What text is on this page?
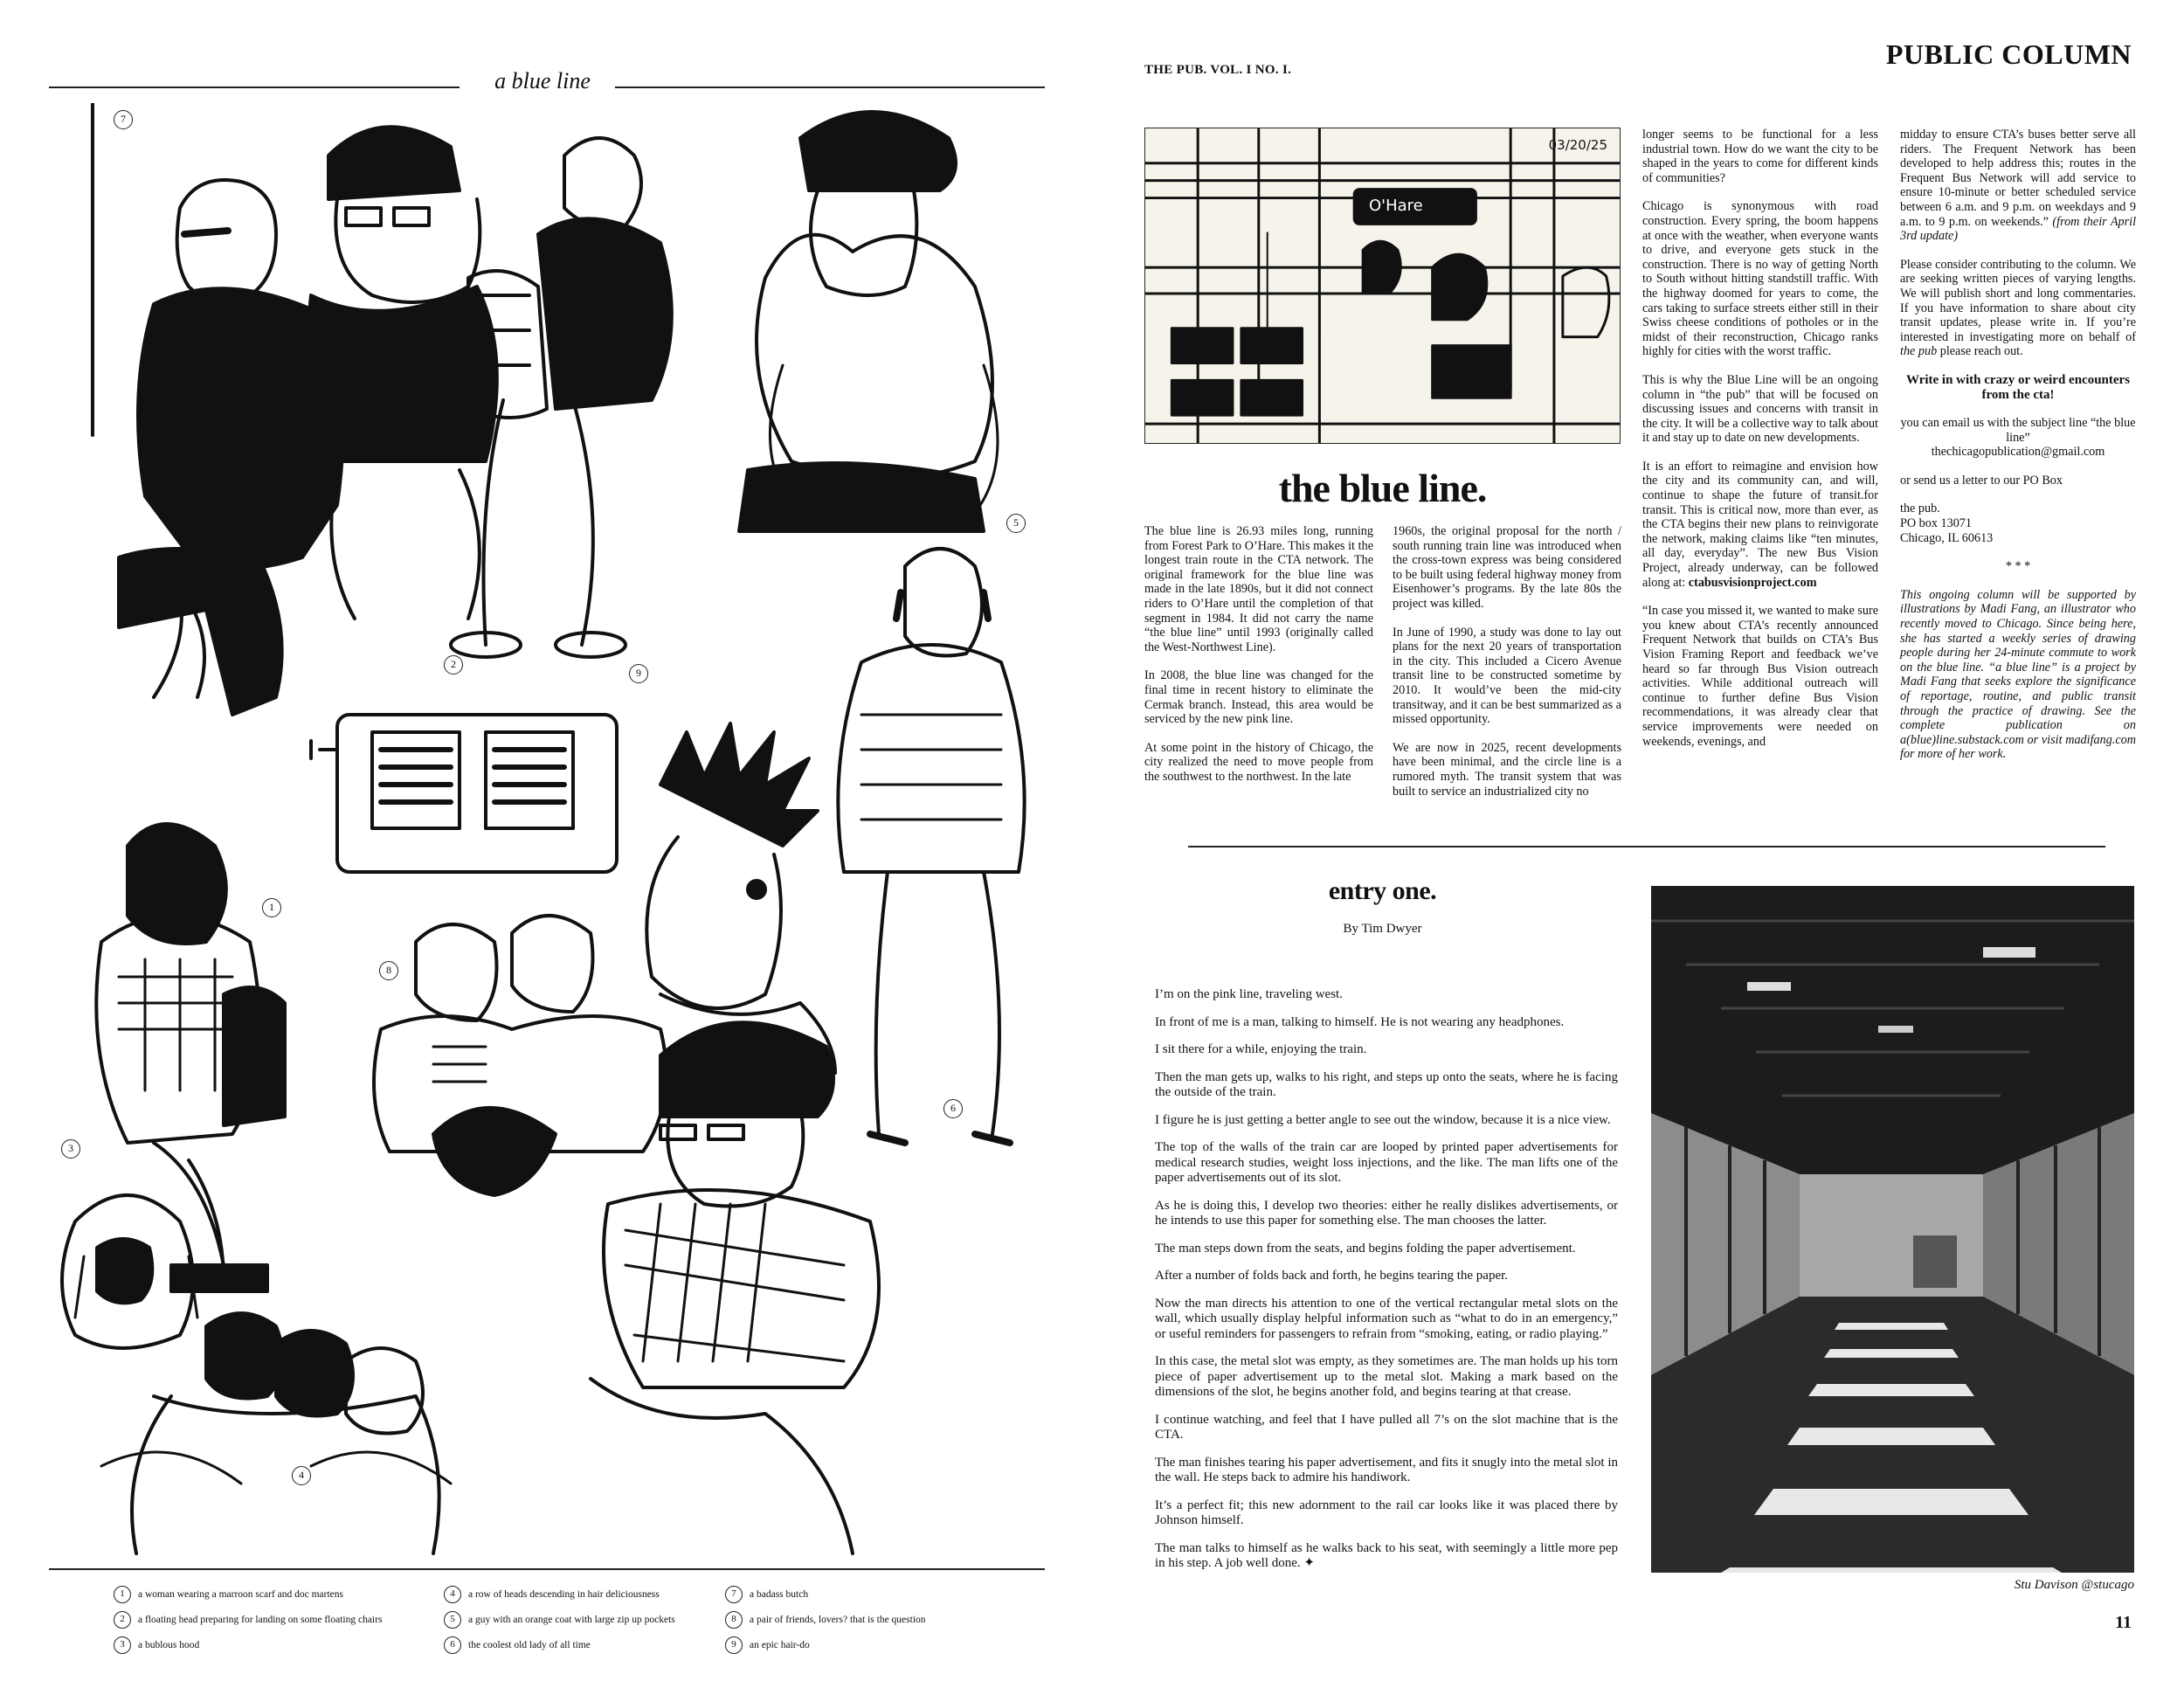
a blue line
7
2
9
5
1
8
6
3
4
1	a woman wearing a marroon scarf and doc martens
2	a floating head preparing for landing on some floating chairs
3	a bublous hood
4	a row of heads descending in hair deliciousness
5	a guy with an orange coat with large zip up pockets
6	the coolest old lady of all time
7	a badass butch
8	a pair of friends, lovers? that is the question
9	an epic hair-do
THE PUB. VOL. I NO. I.	PUBLIC COLUMN
03/20/25
O'Hare
the blue line.

The blue line is 26.93 miles long, running from Forest Park to O’Hare. This makes it the longest train route in the CTA network. The original framework for the blue line was made in the late 1890s, but it did not connect riders to O’Hare until the completion of that segment in 1984. It did not carry the name “the blue line” until 1993 (originally called the West-Northwest Line).

In 2008, the blue line was changed for the final time in recent history to eliminate the Cermak branch. Instead, this area would be serviced by the new pink line.

At some point in the history of Chicago, the city realized the need to move people from the southwest to the northwest. In the late

1960s, the original proposal for the north / south running train line was introduced when the cross-town express was being considered to be built using federal highway money from Eisenhower’s programs. By the late 80s the project was killed.

In June of 1990, a study was done to lay out plans for the next 20 years of transportation in the city. This included a Cicero Avenue transit line to be constructed sometime by 2010. It would’ve been the mid-city transitway, and it can be best summarized as a missed opportunity.

We are now in 2025, recent developments have been minimal, and the circle line is a rumored myth. The transit system that was built to service an industrialized city no

longer seems to be functional for a less industrial town. How do we want the city to be shaped in the years to come for different kinds of communities?

Chicago is synonymous with road construction. Every spring, the boom happens at once with the weather, when everyone wants to drive, and everyone gets stuck in the construction. There is no way of getting North to South without hitting standstill traffic. With the highway doomed for years to come, the cars taking to surface streets either still in their Swiss cheese conditions of potholes or in the midst of their reconstruction, Chicago ranks highly for cities with the worst traffic.

This is why the Blue Line will be an ongoing column in “the pub” that will be focused on discussing issues and concerns with transit in the city. It will be a collective way to talk about it and stay up to date on new developments.

It is an effort to reimagine and envision how the city and its community can, and will, continue to shape the future of transit.for transit. This is critical now, more than ever, as the CTA begins their new plans to reinvigorate the network, making claims like “ten minutes, all day, everyday”. The new Bus Vision Project, already underway, can be followed along at: ctabusvisionproject.com

“In case you missed it, we wanted to make sure you knew about CTA’s recently announced Frequent Network that builds on CTA’s Bus Vision Framing Report and feedback we’ve heard so far through Bus Vision outreach activities. While additional outreach will continue to further define Bus Vision recommendations, it was already clear that service improvements were needed on weekends, evenings, and

midday to ensure CTA’s buses better serve all riders. The Frequent Network has been developed to help address this; routes in the Frequent Bus Network will add service to ensure 10-minute or better scheduled service between 6 a.m. and 9 p.m. on weekdays and 9 a.m. to 9 p.m. on weekends.” (from their April 3rd update)

Please consider contributing to the column. We are seeking written pieces of varying lengths. We will publish short and long commentaries. If you have information to share about city transit updates, please write in. If you’re interested in investigating more on behalf of the pub please reach out.

Write in with crazy or weird encounters from the cta!

you can email us with the subject line “the blue line”
thechicagopublication@gmail.com

or send us a letter to our PO Box

the pub.
PO box 13071
Chicago, IL 60613

* * *

This ongoing column will be supported by illustrations by Madi Fang, an illustrator who recently moved to Chicago. Since being here, she has started a weekly series of drawing people during her 24-minute commute to work on the blue line. “a blue line” is a project by Madi Fang that seeks explore the significance of reportage, routine, and public transit through the practice of drawing. See the complete publication on a(blue)line.substack.com or visit madifang.com for more of her work.

entry one.
By Tim Dwyer

I’m on the pink line, traveling west.

In front of me is a man, talking to himself. He is not wearing any headphones.

I sit there for a while, enjoying the train.

Then the man gets up, walks to his right, and steps up onto the seats, where he is facing the outside of the train.

I figure he is just getting a better angle to see out the window, because it is a nice view.

The top of the walls of the train car are looped by printed paper advertisements for medical research studies, weight loss injections, and the like. The man lifts one of the paper advertisements out of its slot.

As he is doing this, I develop two theories: either he really dislikes advertisements, or he intends to use this paper for something else. The man chooses the latter.

The man steps down from the seats, and begins folding the paper advertisement.

After a number of folds back and forth, he begins tearing the paper.

Now the man directs his attention to one of the vertical rectangular metal slots on the wall, which usually display helpful information such as “what to do in an emergency,” or useful reminders for passengers to refrain from “smoking, eating, or radio playing.”

In this case, the metal slot was empty, as they sometimes are. The man holds up his torn piece of paper advertisement up to the metal slot. Making a mark based on the dimensions of the slot, he begins another fold, and begins tearing at that crease.

I continue watching, and feel that I have pulled all 7’s on the slot machine that is the CTA.

The man finishes tearing his paper advertisement, and fits it snugly into the metal slot in the wall. He steps back to admire his handiwork.

It’s a perfect fit; this new adornment to the rail car looks like it was placed there by Johnson himself.

The man talks to himself as he walks back to his seat, with seemingly a little more pep in his step. A job well done. ✦

Stu Davison @stucago
11
